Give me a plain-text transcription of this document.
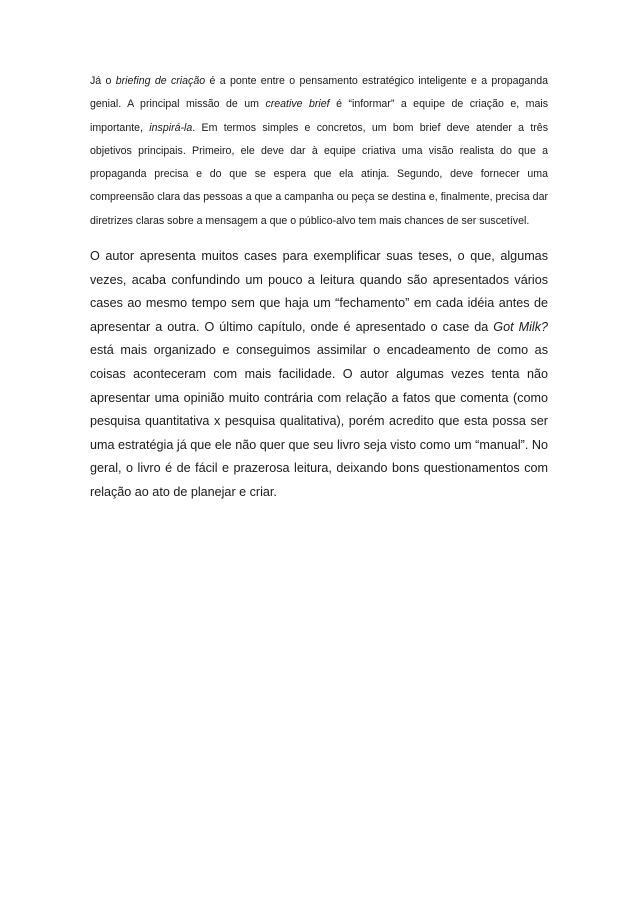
Já o briefing de criação é a ponte entre o pensamento estratégico inteligente e a propaganda genial. A principal missão de um creative brief é “informar” a equipe de criação e, mais importante, inspirá-la. Em termos simples e concretos, um bom brief deve atender a três objetivos principais. Primeiro, ele deve dar à equipe criativa uma visão realista do que a propaganda precisa e do que se espera que ela atinja. Segundo, deve fornecer uma compreensão clara das pessoas a que a campanha ou peça se destina e, finalmente, precisa dar diretrizes claras sobre a mensagem a que o público-alvo tem mais chances de ser suscetível.

O autor apresenta muitos cases para exemplificar suas teses, o que, algumas vezes, acaba confundindo um pouco a leitura quando são apresentados vários cases ao mesmo tempo sem que haja um “fechamento” em cada idéia antes de apresentar a outra. O último capítulo, onde é apresentado o case da Got Milk? está mais organizado e conseguimos assimilar o encadeamento de como as coisas aconteceram com mais facilidade. O autor algumas vezes tenta não apresentar uma opinião muito contrária com relação a fatos que comenta (como pesquisa quantitativa x pesquisa qualitativa), porém acredito que esta possa ser uma estratégia já que ele não quer que seu livro seja visto como um “manual”. No geral, o livro é de fácil e prazerosa leitura, deixando bons questionamentos com relação ao ato de planejar e criar.
